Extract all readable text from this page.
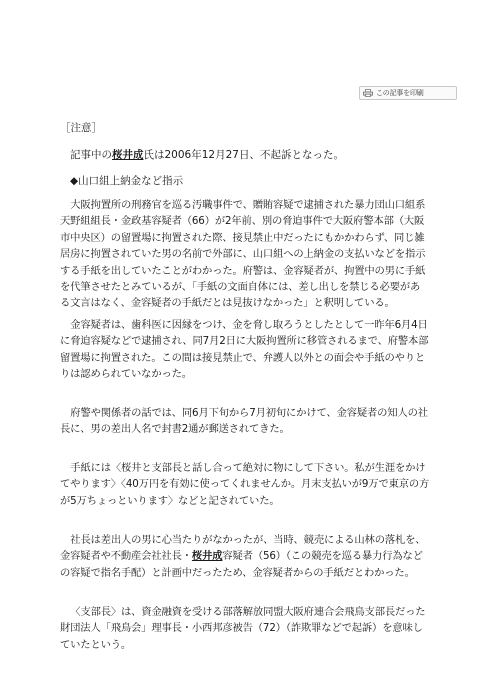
この記事を印刷
［注意］
記事中の桜井成氏は2006年12月27日、不起訴となった。
◆山口組上納金など指示

大阪拘置所の刑務官を巡る汚職事件で、贈賄容疑で逮捕された暴力団山口組系天野組組長・金政基容疑者（66）が2年前、別の脅迫事件で大阪府警本部（大阪市中央区）の留置場に拘置された際、接見禁止中だったにもかかわらず、同じ雑居房に拘置されていた男の名前で外部に、山口組への上納金の支払いなどを指示する手紙を出していたことがわかった。府警は、金容疑者が、拘置中の男に手紙を代筆させたとみているが、「手紙の文面自体には、差し出しを禁じる必要がある文言はなく、金容疑者の手紙だとは見抜けなかった」と釈明している。

金容疑者は、歯科医に因縁をつけ、金を脅し取ろうとしたとして一昨年6月4日に脅迫容疑などで逮捕され、同7月2日に大阪拘置所に移管されるまで、府警本部留置場に拘置された。この間は接見禁止で、弁護人以外との面会や手紙のやりとりは認められていなかった。

府警や関係者の話では、同6月下旬から7月初旬にかけて、金容疑者の知人の社長に、男の差出人名で封書2通が郵送されてきた。

手紙には〈桜井と支部長と話し合って絶対に物にして下さい。私が生涯をかけてやります〉〈40万円を有効に使ってくれませんか。月末支払いが9万で東京の方が5万ちょっといります〉などと記されていた。

社長は差出人の男に心当たりがなかったが、当時、競売による山林の落札を、金容疑者や不動産会社社長・桜井成容疑者（56）（この競売を巡る暴力行為などの容疑で指名手配）と計画中だったため、金容疑者からの手紙だとわかった。

〈支部長〉は、資金融資を受ける部落解放同盟大阪府連合会飛鳥支部長だった財団法人「飛鳥会」理事長・小西邦彦被告（72）（詐欺罪などで起訴）を意味していたという。
